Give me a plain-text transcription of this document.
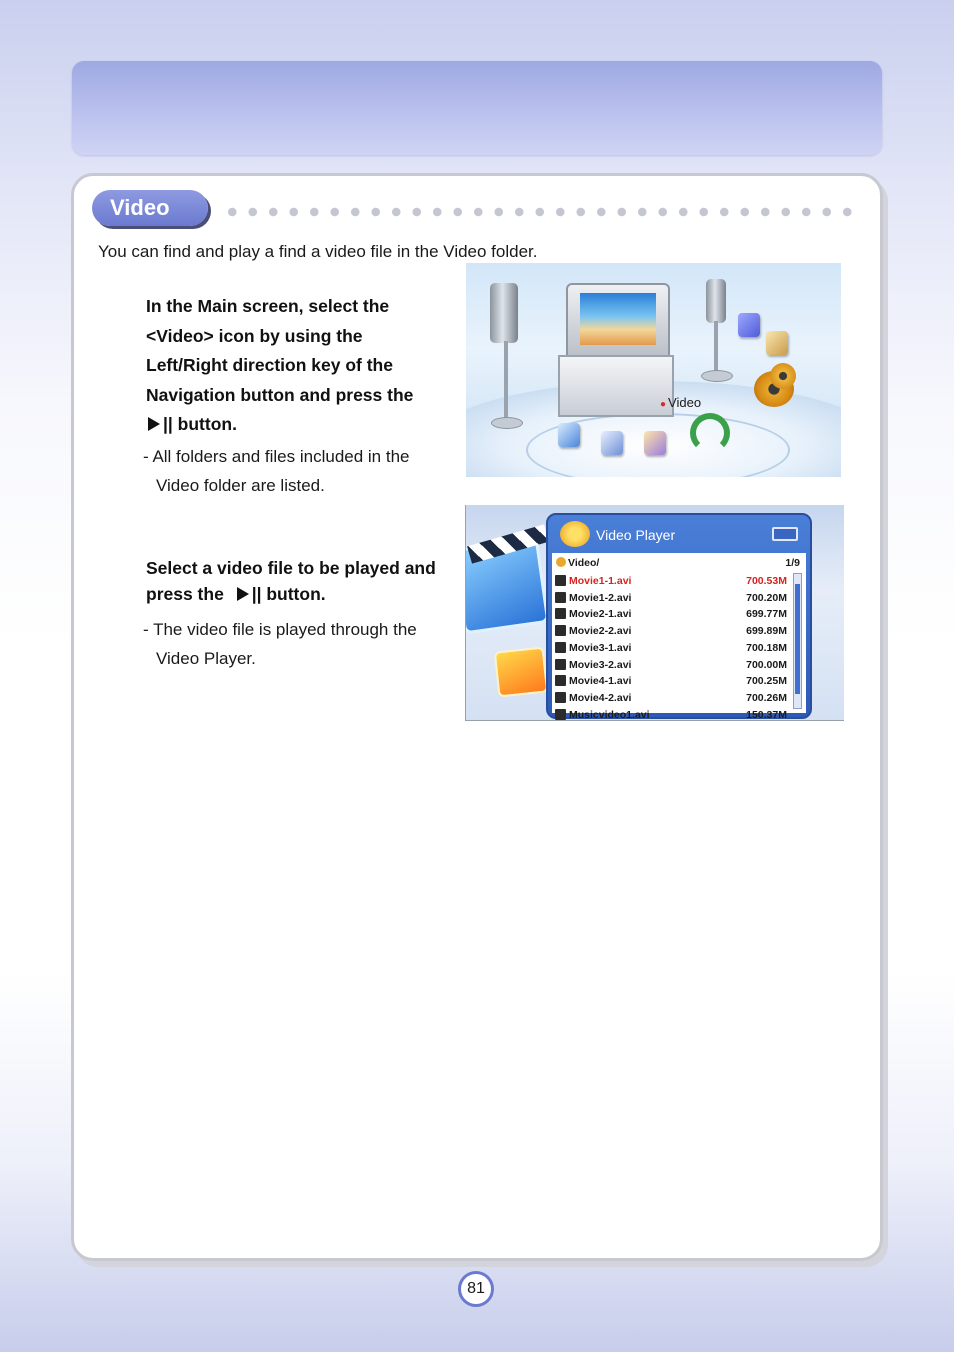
Video

You can find and play a find a video file in the Video folder.

In the Main screen, select the <Video> icon by using the Left/Right direction key of the Navigation button and press the
|| button.

- All folders and files included in the Video folder are listed.

Select a video file to be played and press the || button.

- The video file is played through the Video Player.

● Video
Video Player
Video/	1/9
Movie1-1.avi	700.53M
Movie1-2.avi	700.20M
Movie2-1.avi	699.77M
Movie2-2.avi	699.89M
Movie3-1.avi	700.18M
Movie3-2.avi	700.00M
Movie4-1.avi	700.25M
Movie4-2.avi	700.26M
Musicvideo1.avi	150.37M
81
